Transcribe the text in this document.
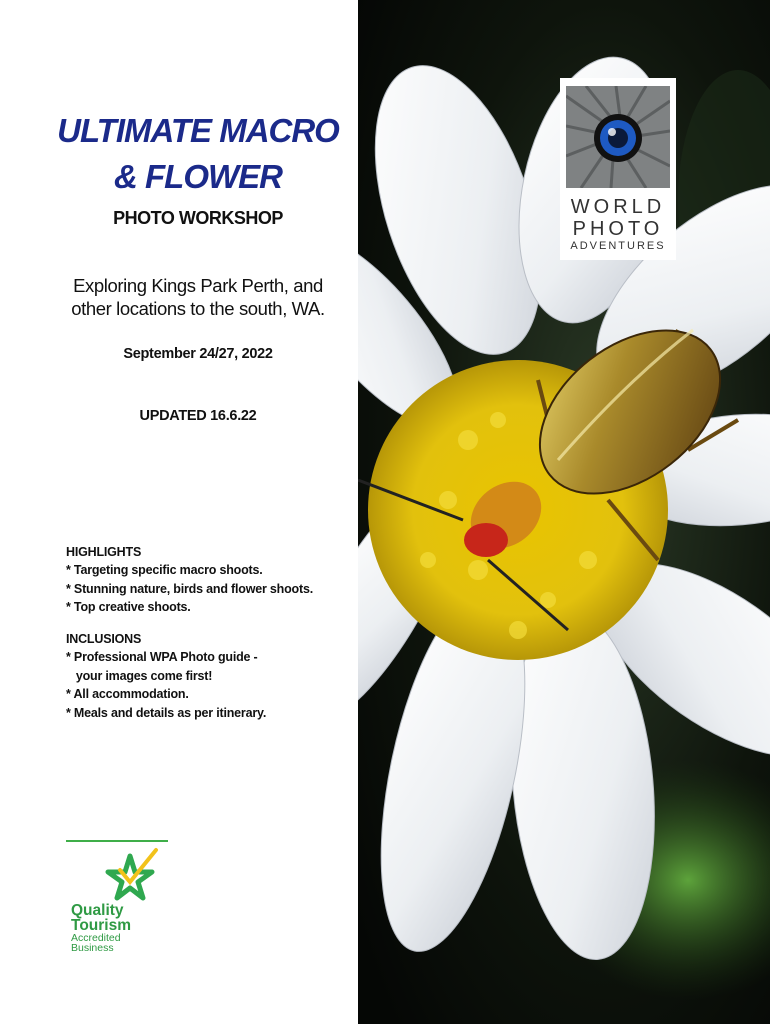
ULTIMATE MACRO
& FLOWER
PHOTO WORKSHOP
Exploring Kings Park Perth, and
other locations to the south, WA.
September 24/27, 2022
UPDATED 16.6.22
HIGHLIGHTS
* Targeting specific macro shoots.
* Stunning nature, birds and flower shoots.
* Top creative shoots.
INCLUSIONS
* Professional WPA Photo guide -
your images come first!
* All accommodation.
* Meals and details as per itinerary.
Quality
Tourism
Accredited
Business
WORLD
PHOTO
ADVENTURES
